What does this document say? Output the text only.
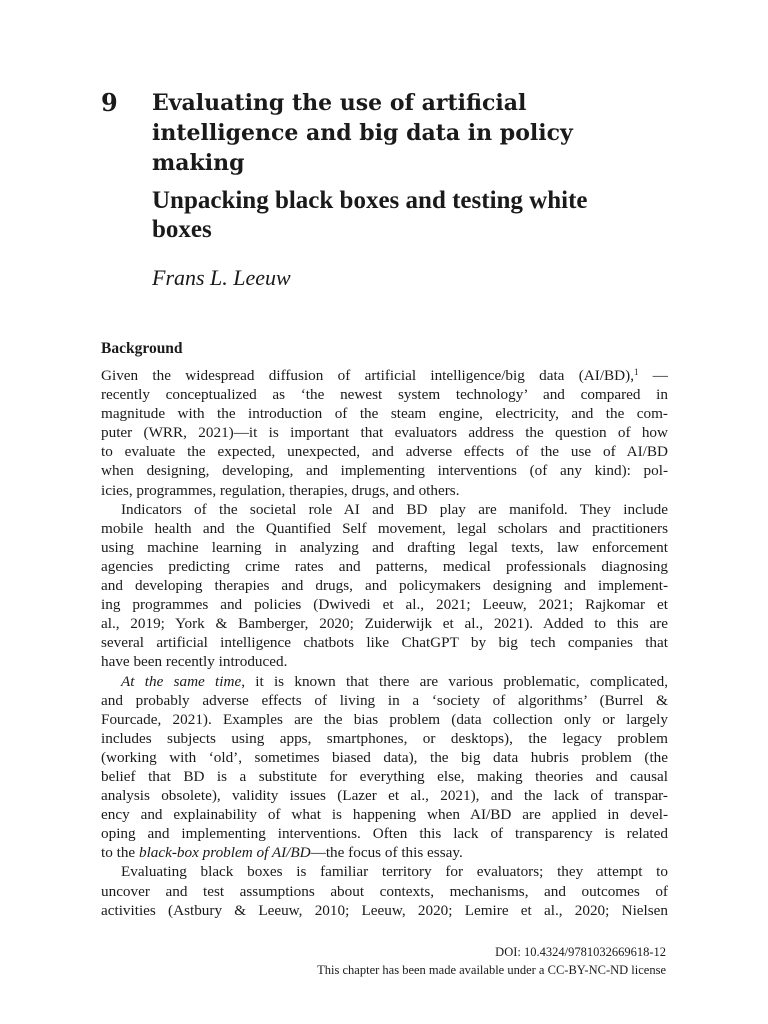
9 Evaluating the use of artificial intelligence and big data in policy making
Unpacking black boxes and testing white boxes

Frans L. Leeuw

Background
Given the widespread diffusion of artificial intelligence/big data (AI/BD),$^1$ —
recently conceptualized as ‘the newest system technology’ and compared in
magnitude with the introduction of the steam engine, electricity, and the com-
puter (WRR, 2021)—it is important that evaluators address the question of how
to evaluate the expected, unexpected, and adverse effects of the use of AI/BD
when designing, developing, and implementing interventions (of any kind): pol-
icies, programmes, regulation, therapies, drugs, and others.
Indicators of the societal role AI and BD play are manifold. They include
mobile health and the Quantified Self movement, legal scholars and practitioners
using machine learning in analyzing and drafting legal texts, law enforcement
agencies predicting crime rates and patterns, medical professionals diagnosing
and developing therapies and drugs, and policymakers designing and implement-
ing programmes and policies (Dwivedi et al., 2021; Leeuw, 2021; Rajkomar et
al., 2019; York & Bamberger, 2020; Zuiderwijk et al., 2021). Added to this are
several artificial intelligence chatbots like ChatGPT by big tech companies that
have been recently introduced.
At the same time, it is known that there are various problematic, complicated,
and probably adverse effects of living in a ‘society of algorithms’ (Burrel &
Fourcade, 2021). Examples are the bias problem (data collection only or largely
includes subjects using apps, smartphones, or desktops), the legacy problem
(working with ‘old’, sometimes biased data), the big data hubris problem (the
belief that BD is a substitute for everything else, making theories and causal
analysis obsolete), validity issues (Lazer et al., 2021), and the lack of transpar-
ency and explainability of what is happening when AI/BD are applied in devel-
oping and implementing interventions. Often this lack of transparency is related
to the black-box problem of AI/BD—the focus of this essay.
Evaluating black boxes is familiar territory for evaluators; they attempt to
uncover and test assumptions about contexts, mechanisms, and outcomes of
activities (Astbury & Leeuw, 2010; Leeuw, 2020; Lemire et al., 2020; Nielsen
DOI: 10.4324/9781032669618-12
This chapter has been made available under a CC-BY-NC-ND license
